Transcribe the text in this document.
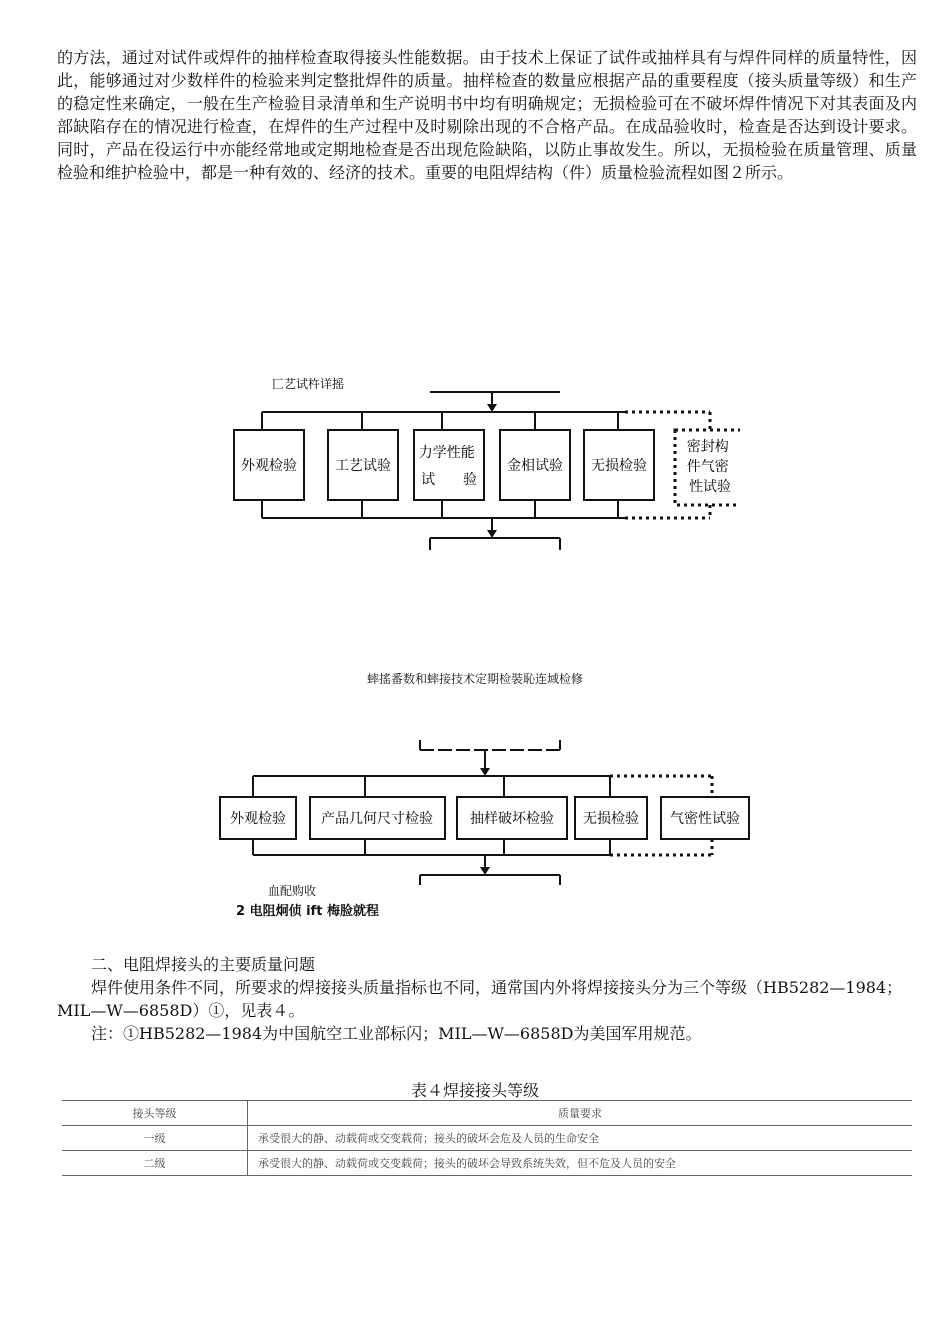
的方法，通过对试件或焊件的抽样检查取得接头性能数据。由于技术上保证了试件或抽样具有与焊件同样的质量特性，因此，能够通过对少数样件的检验来判定整批焊件的质量。抽样检查的数量应根据产品的重要程度（接头质量等级）和生产的稳定性来确定，一般在生产检验目录清单和生产说明书中均有明确规定；无损检验可在不破坏焊件情况下对其表面及内部缺陷存在的情况进行检查，在焊件的生产过程中及时剔除出现的不合格产品。在成品验收时，检查是否达到设计要求。同时，产品在役运行中亦能经常地或定期地检查是否出现危险缺陷，以防止事故发生。所以，无损检验在质量管理、质量检验和维护检验中，都是一种有效的、经济的技术。重要的电阻焊结构（件）质量检验流程如图２所示。

匚艺试杵详摇
外观检验	工艺试验
力学性能 试　　验
金相试验 无损检验
密封构 件气密 性试验
蟀搖番数和蟀接技术定期检裝恥连域检修
外观检验	产品几何尺寸检验	抽样破坏检验 无损检验 气密性试验
血配购收
2 电阻炯侦 ift 梅脸就程

二、电阻焊接头的主要质量问题

焊件使用条件不同，所要求的焊接接头质量指标也不同，通常国内外将焊接接头分为三个等级（HB5282—1984；MIL—W—6858D）①，见表４。

注：①HB5282—1984为中国航空工业部标闪；MIL—W—6858D为美国军用规范。

表４焊接接头等级
接头等级	质量要求
一级	承受很大的静、动载荷或交变载荷；接头的破坏会危及人员的生命安全
二级	承受很大的静、动载荷或交变载荷；接头的破坏会导致系统失效，但不危及人员的安全
